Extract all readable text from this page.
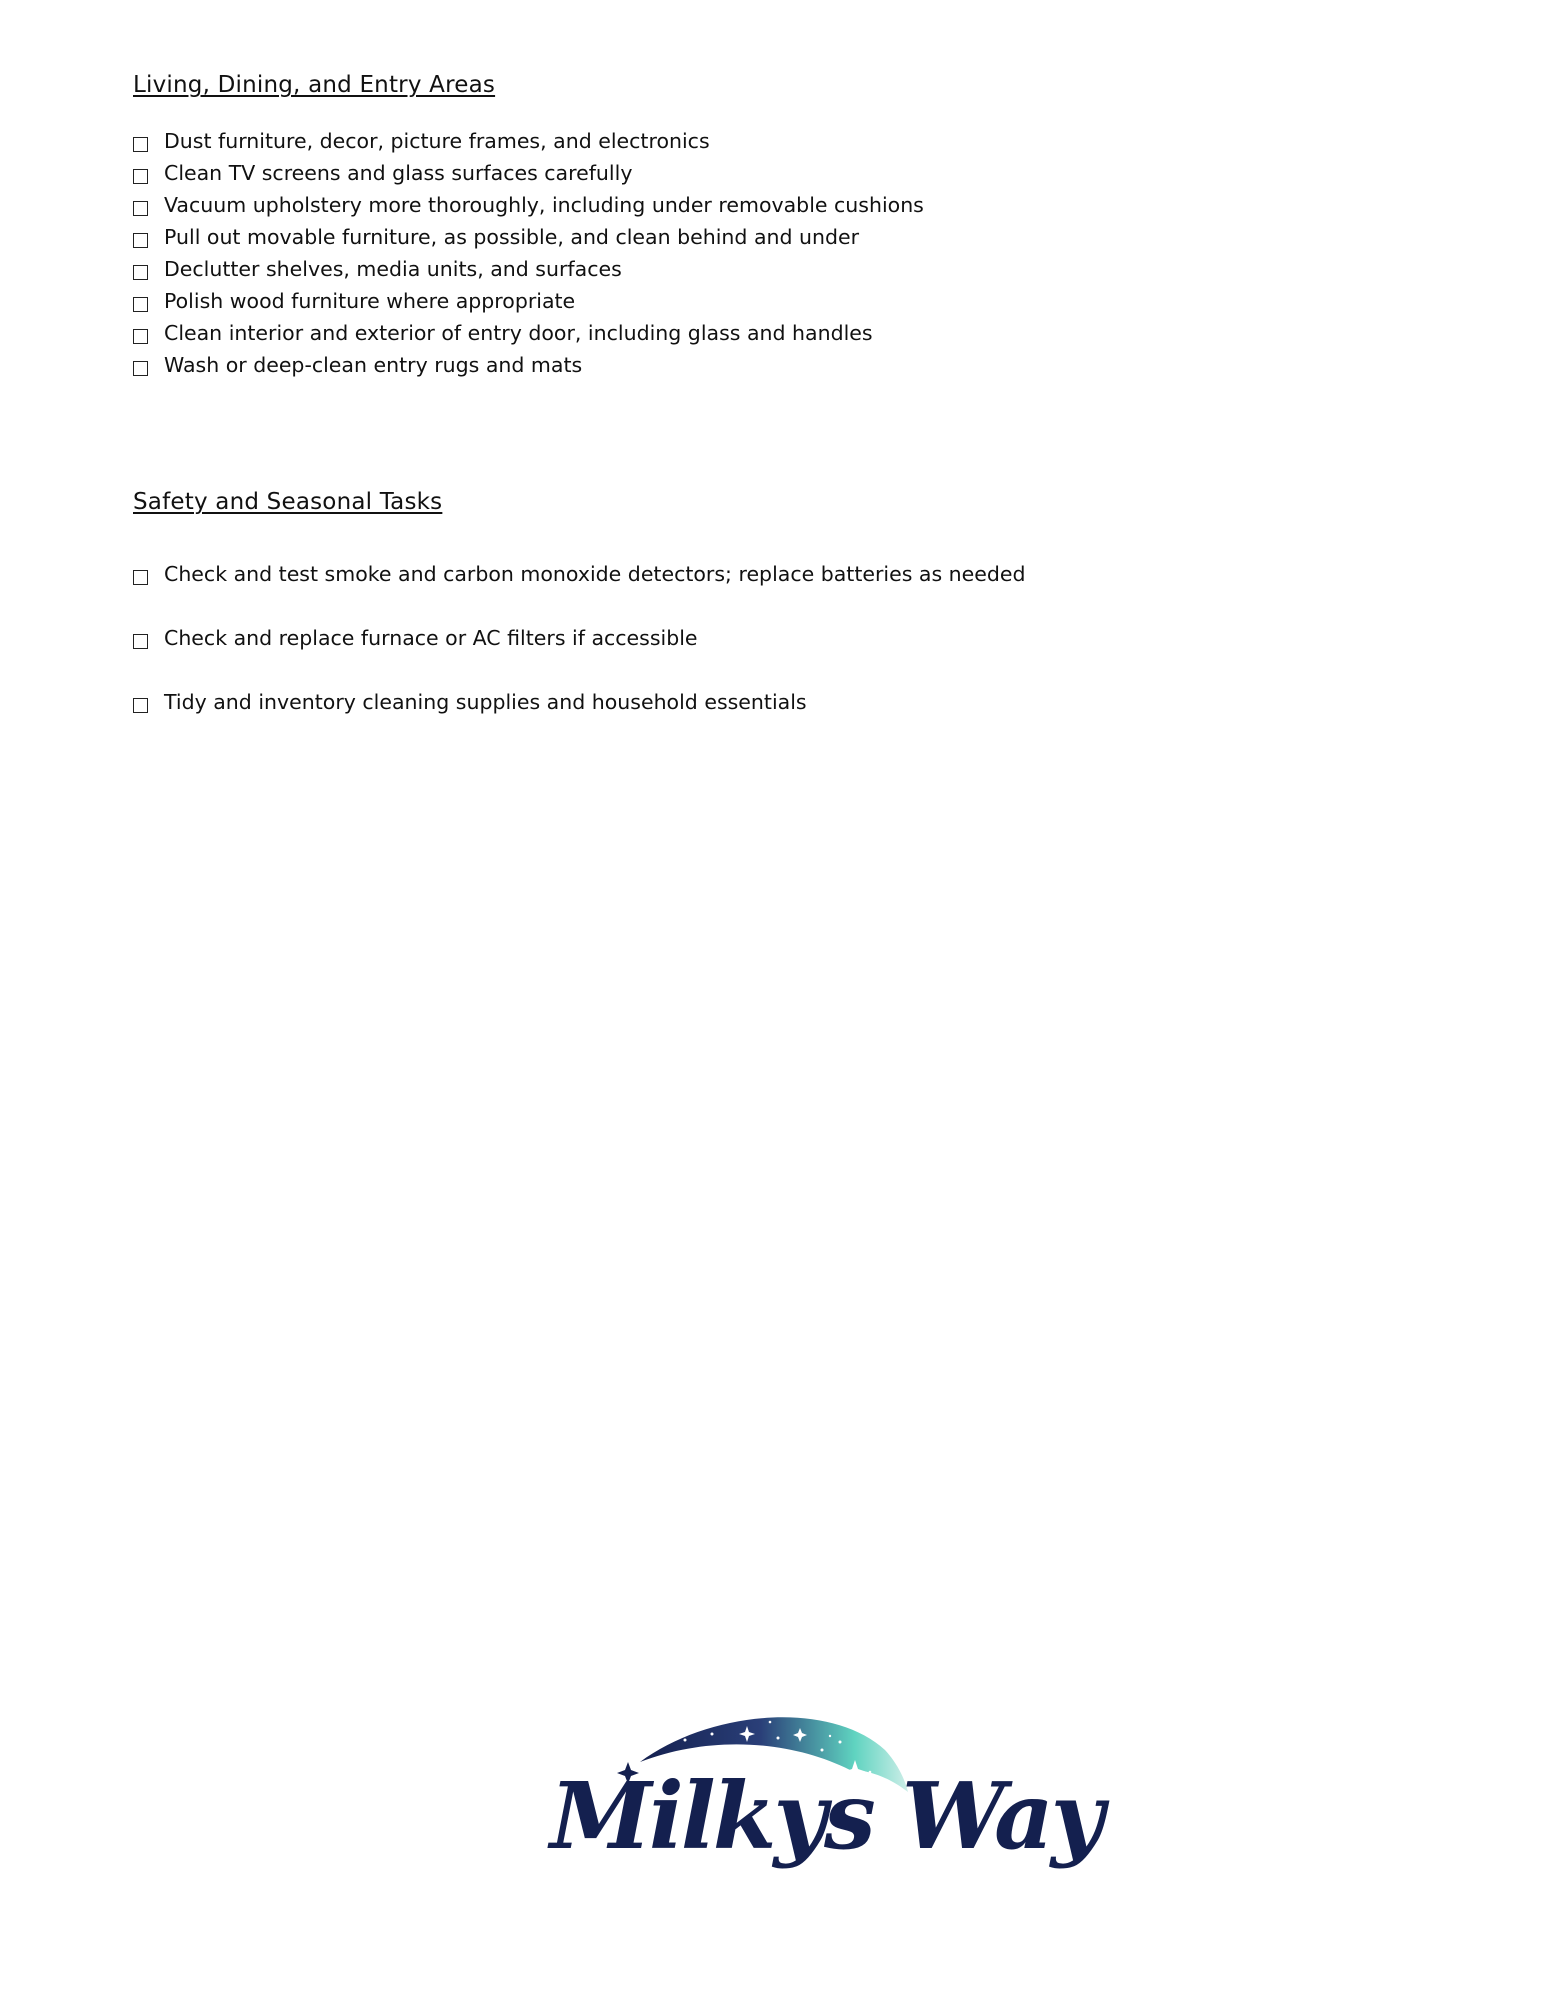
Living, Dining, and Entry Areas
Dust furniture, decor, picture frames, and electronics
Clean TV screens and glass surfaces carefully
Vacuum upholstery more thoroughly, including under removable cushions
Pull out movable furniture, as possible, and clean behind and under
Declutter shelves, media units, and surfaces
Polish wood furniture where appropriate
Clean interior and exterior of entry door, including glass and handles
Wash or deep-clean entry rugs and mats
Safety and Seasonal Tasks
Check and test smoke and carbon monoxide detectors; replace batteries as needed
Check and replace furnace or AC filters if accessible
Tidy and inventory cleaning supplies and household essentials
Milkys Way
